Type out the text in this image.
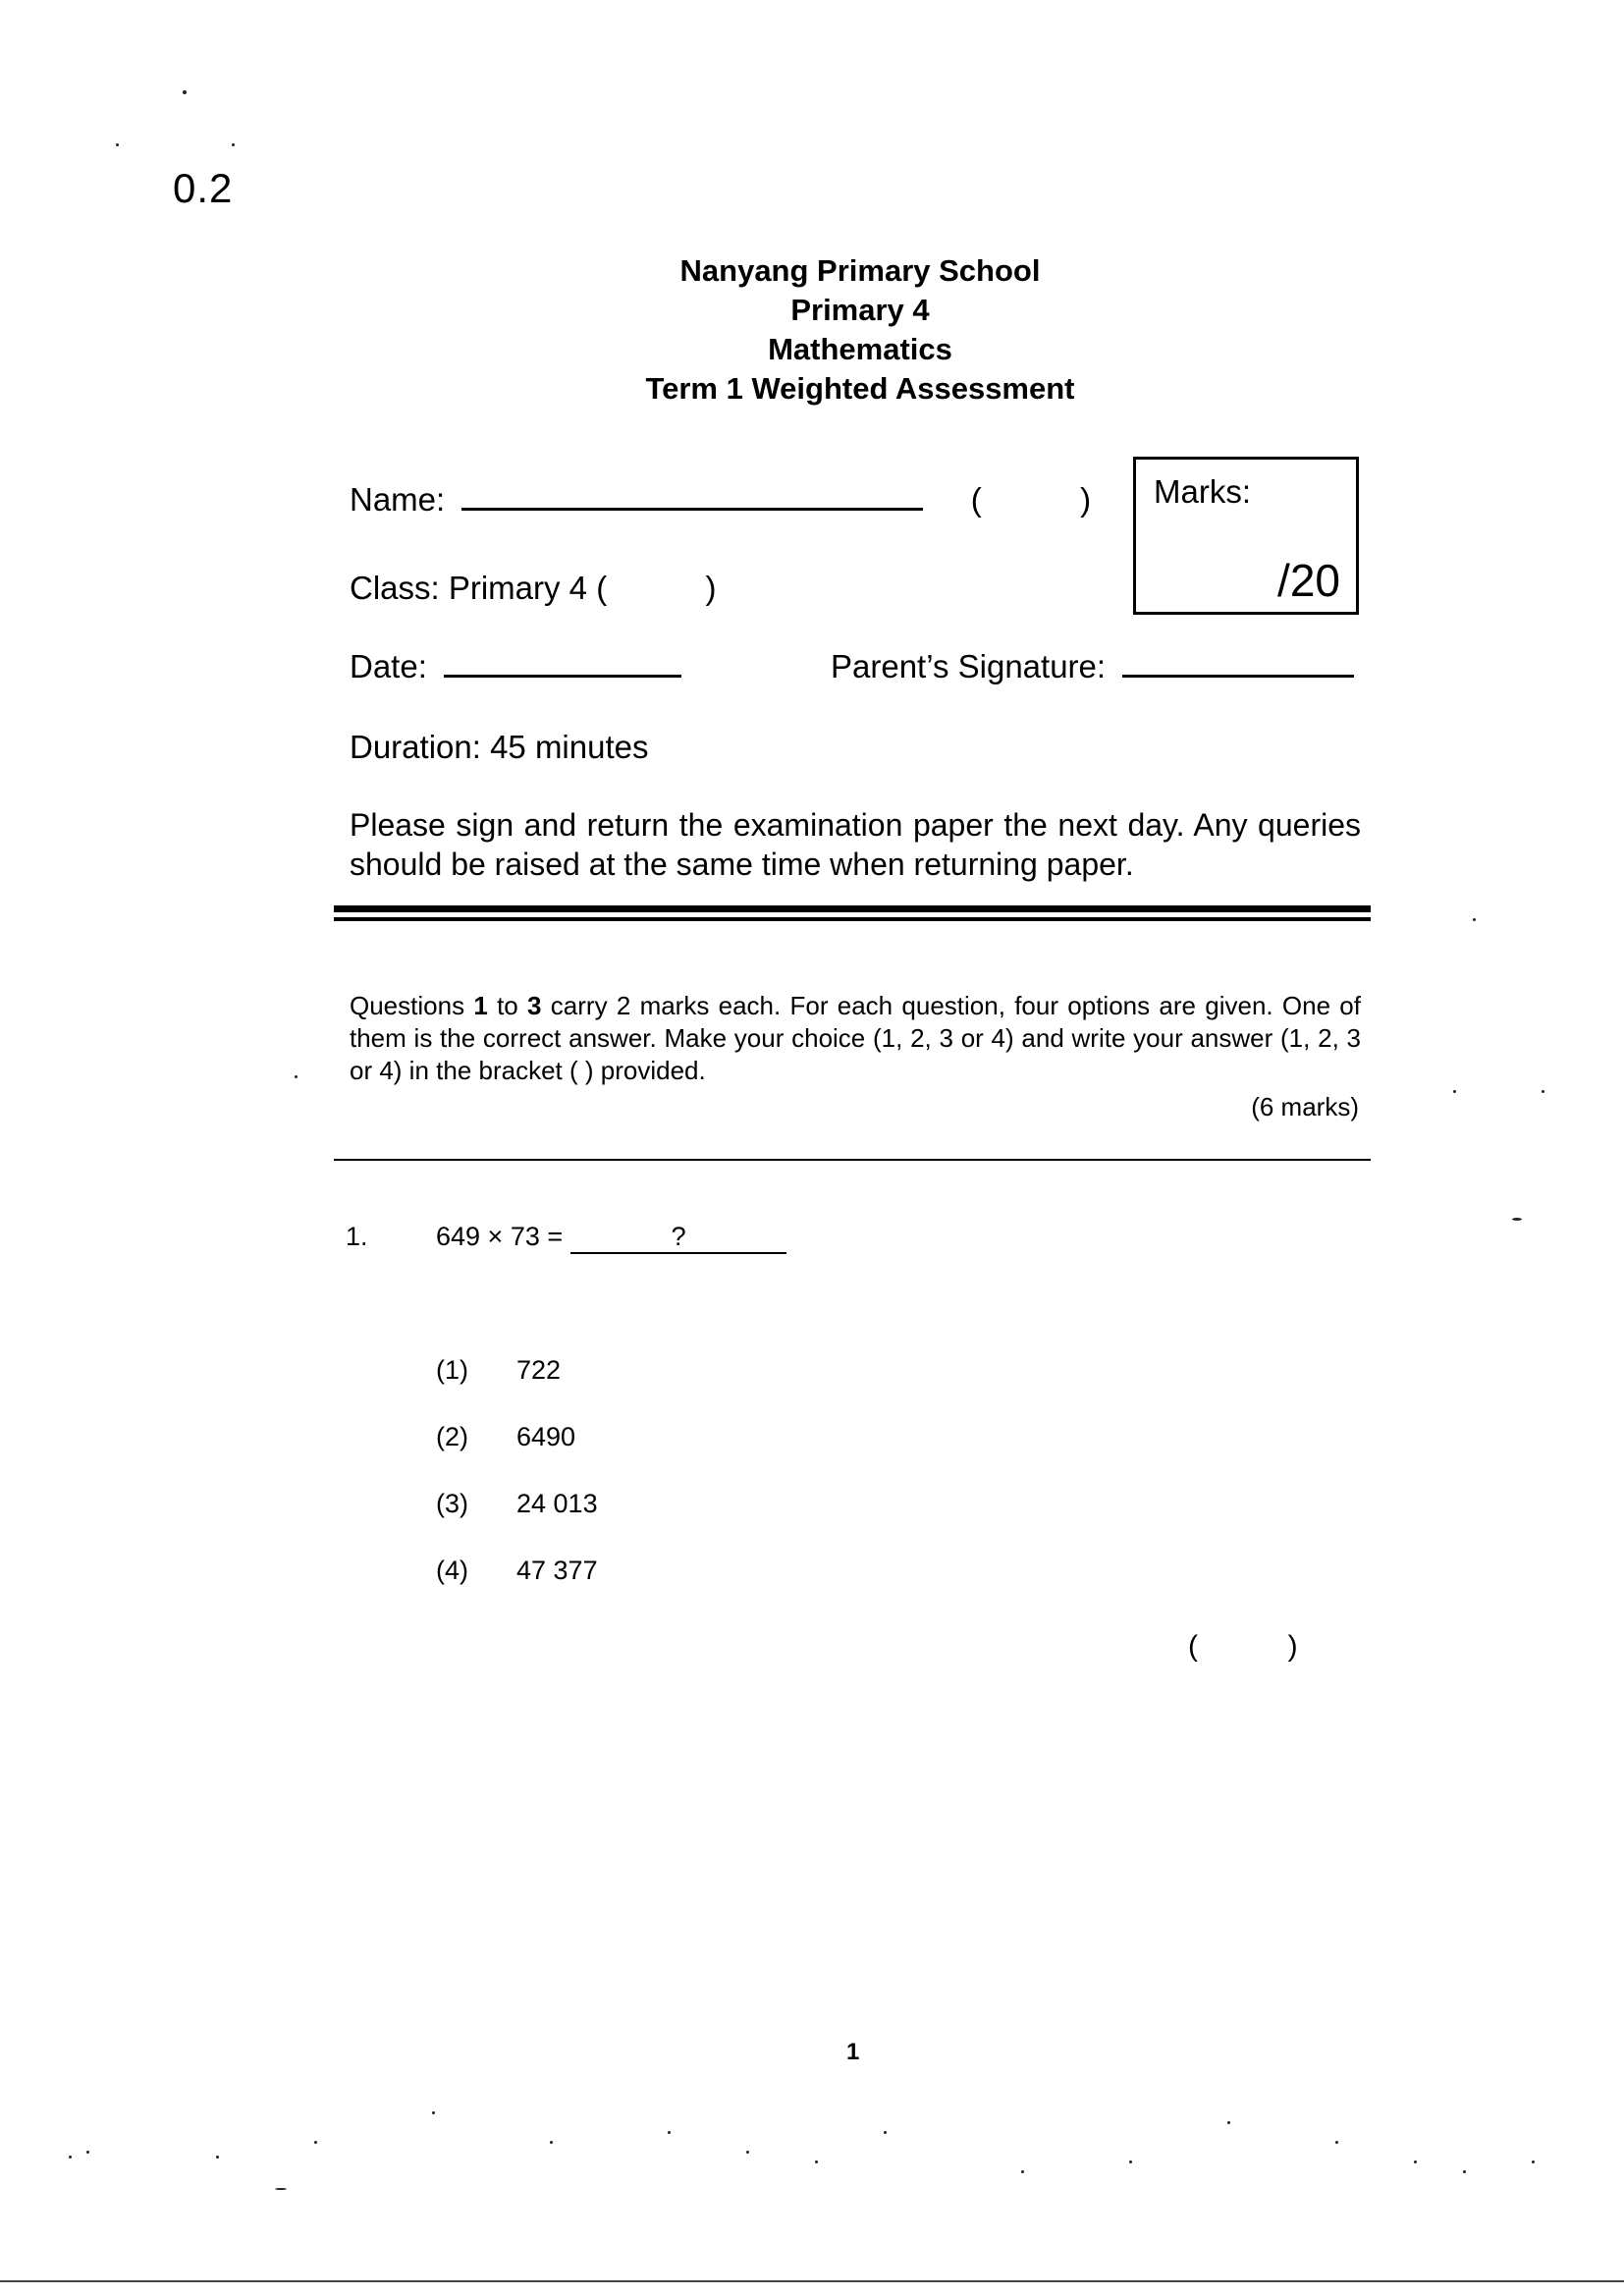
0.2
Nanyang Primary School
Primary 4
Mathematics
Term 1 Weighted Assessment
Name:	(	)
Class: Primary 4 (	)
Marks:
/20
Date:	Parent’s Signature:
Duration: 45 minutes
Please sign and return the examination paper the next day. Any queries should be raised at the same time when returning paper.
Questions 1 to 3 carry 2 marks each. For each question, four options are given. One of them is the correct answer. Make your choice (1, 2, 3 or 4) and write your answer (1, 2, 3 or 4) in the bracket ( ) provided.
(6 marks)
1.	649 × 73 =	?
(1) 722
(2) 6490
(3) 24 013
(4) 47 377
(           )
1
